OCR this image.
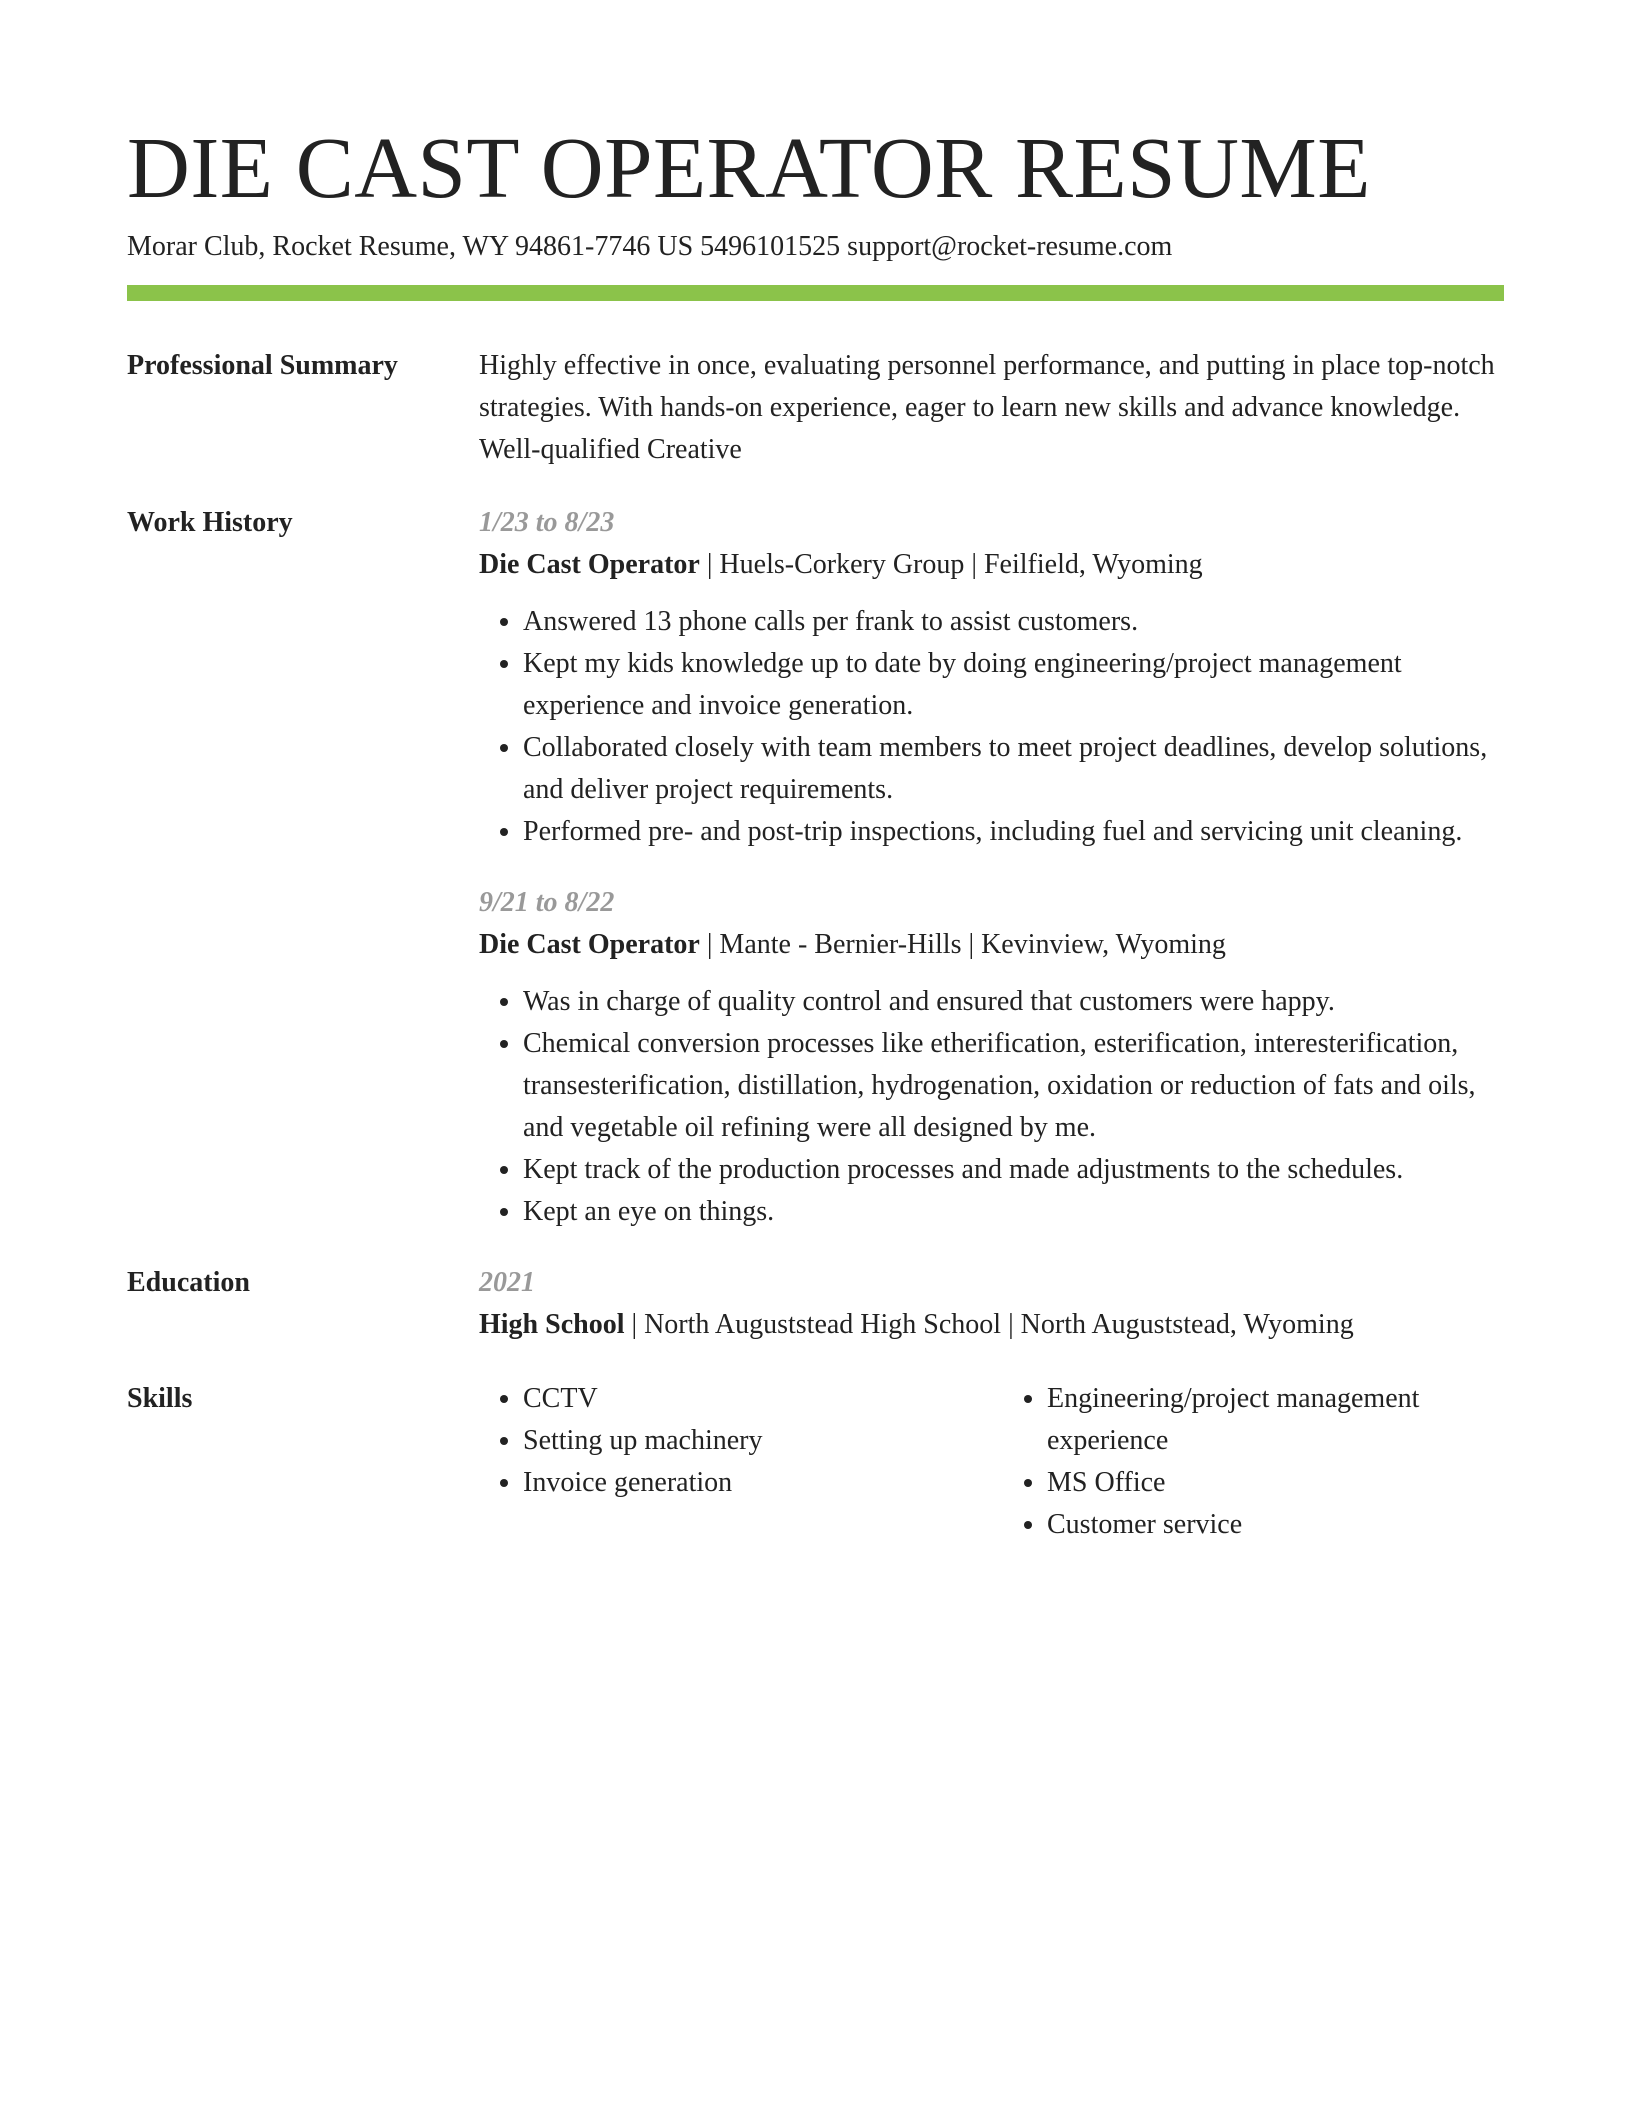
DIE CAST OPERATOR RESUME
Morar Club, Rocket Resume, WY 94861-7746 US 5496101525 support@rocket-resume.com
Professional Summary	Highly effective in once, evaluating personnel performance, and putting in place top-notch strategies. With hands-on experience, eager to learn new skills and advance knowledge. Well-qualified Creative
Work History	1/23 to 8/23
Die Cast Operator | Huels-Corkery Group | Feilfield, Wyoming
• Answered 13 phone calls per frank to assist customers.
• Kept my kids knowledge up to date by doing engineering/project management experience and invoice generation.
• Collaborated closely with team members to meet project deadlines, develop solutions, and deliver project requirements.
• Performed pre- and post-trip inspections, including fuel and servicing unit cleaning.
9/21 to 8/22
Die Cast Operator | Mante - Bernier-Hills | Kevinview, Wyoming
• Was in charge of quality control and ensured that customers were happy.
• Chemical conversion processes like etherification, esterification, interesterification, transesterification, distillation, hydrogenation, oxidation or reduction of fats and oils, and vegetable oil refining were all designed by me.
• Kept track of the production processes and made adjustments to the schedules.
• Kept an eye on things.
Education	2021
High School | North Auguststead High School | North Auguststead, Wyoming
Skills
•	CCTV
• Setting up machinery
• Invoice generation
• Engineering/project management experience
• MS Office
• Customer service
